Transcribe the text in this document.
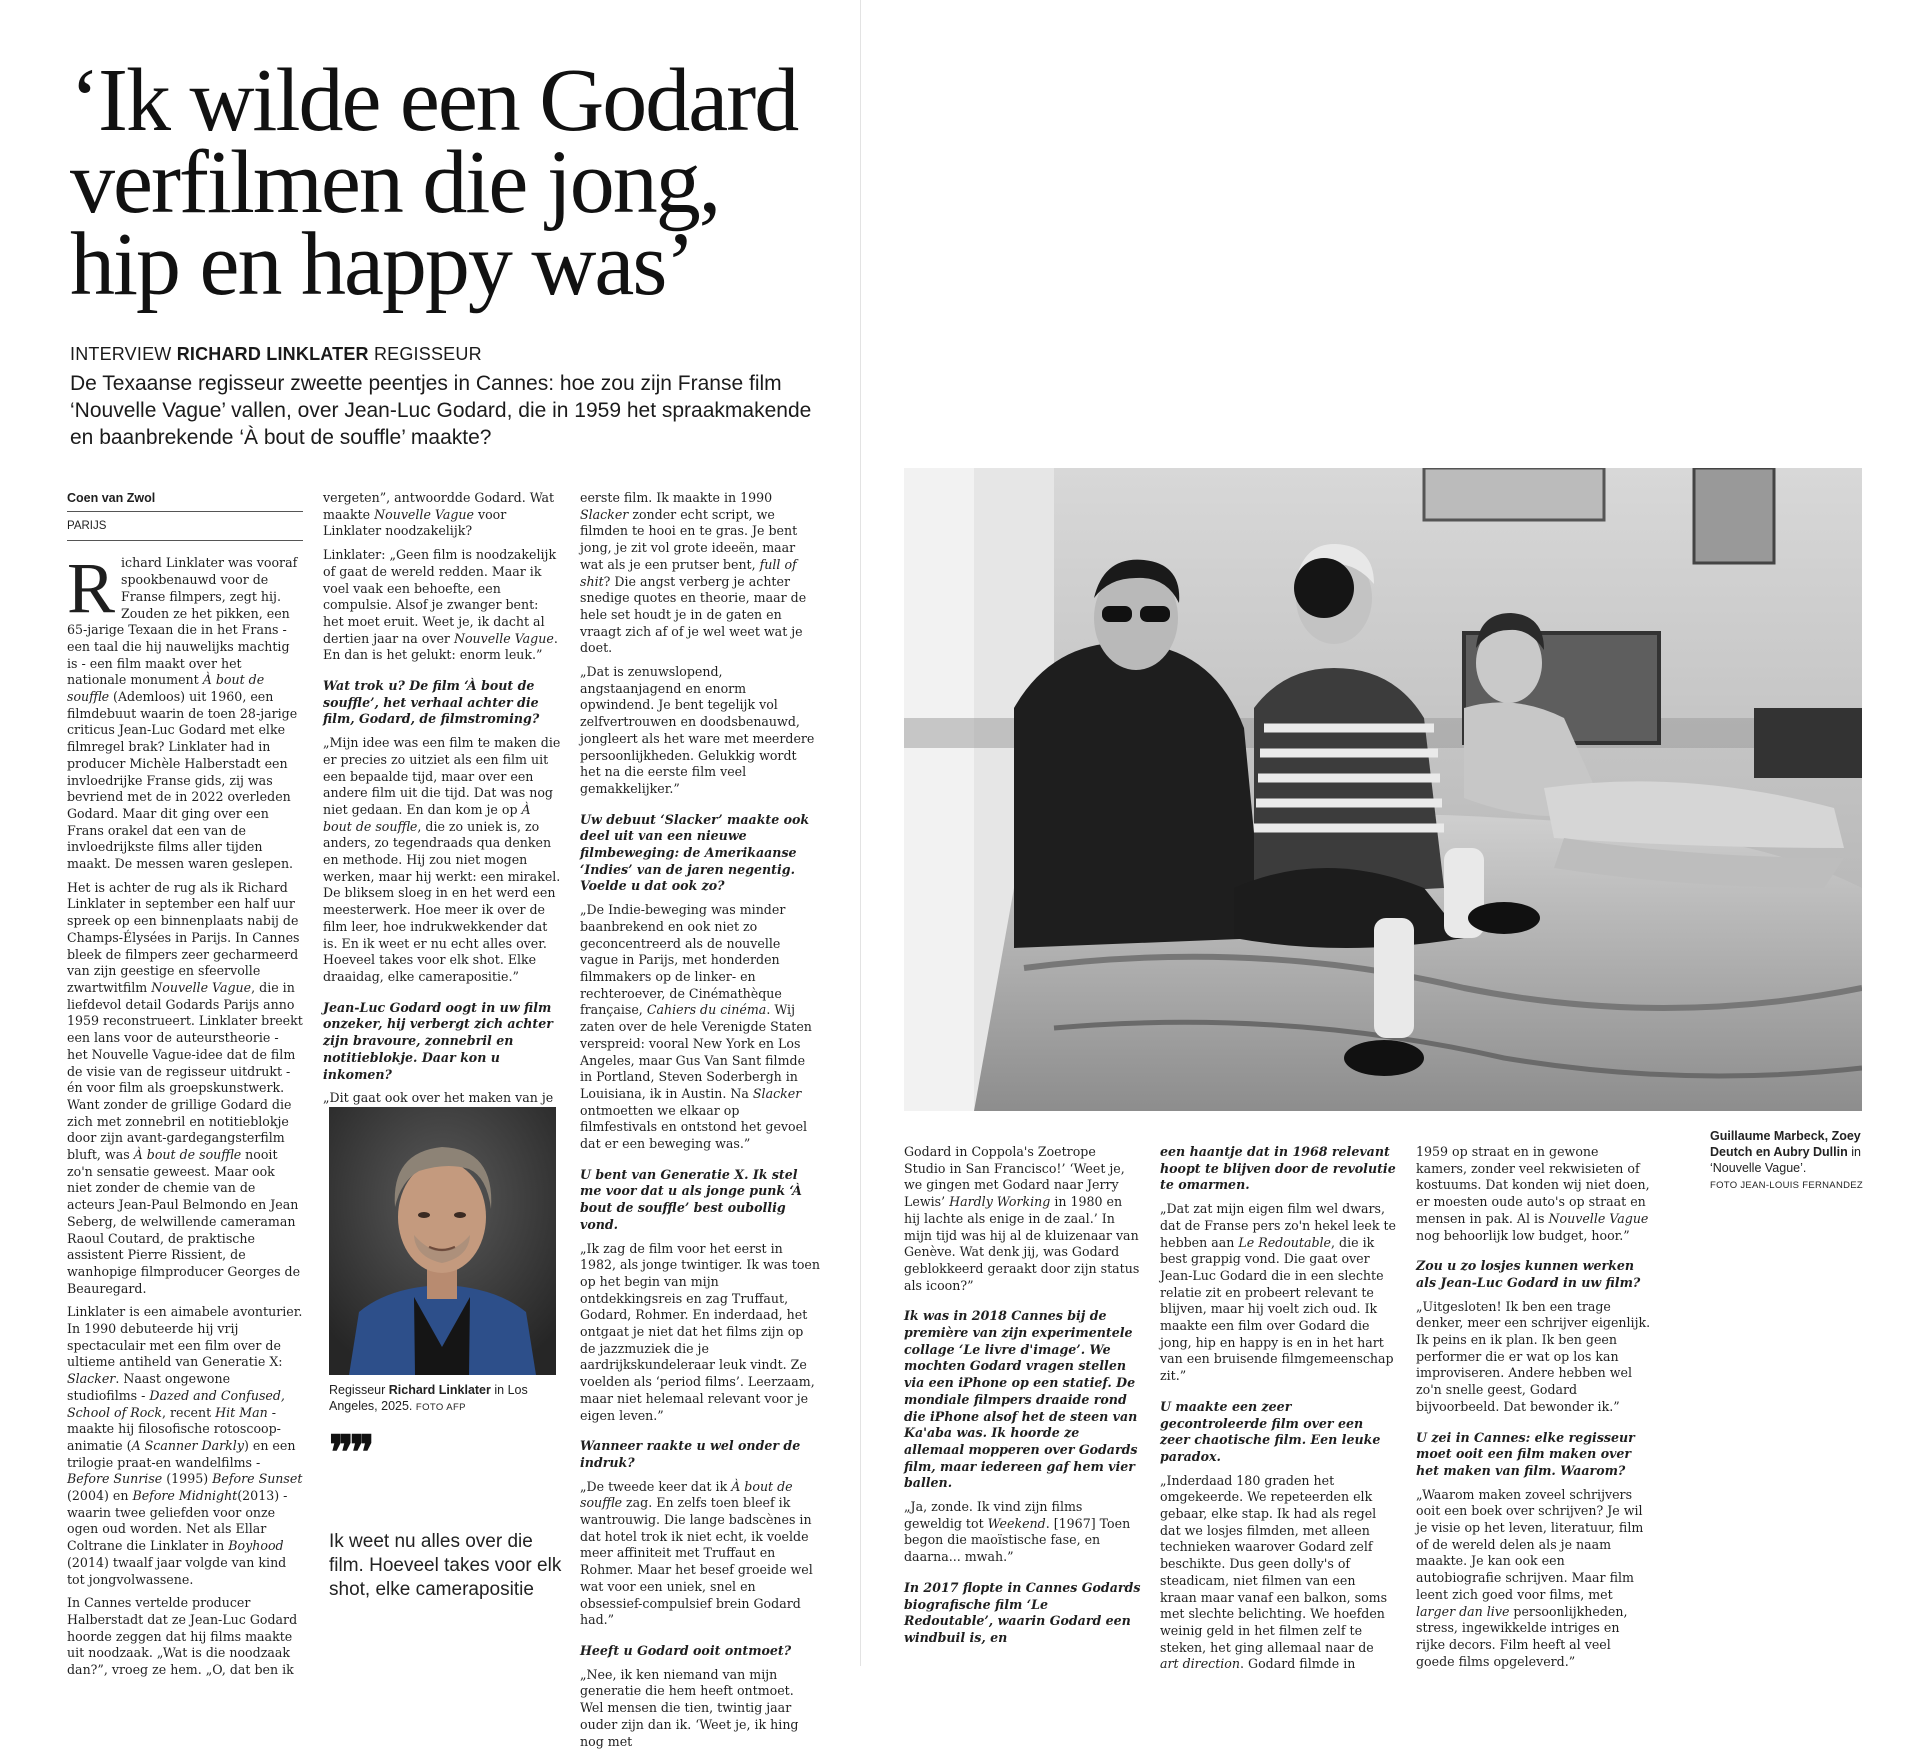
‘Ik wilde een Godard
verfilmen die jong,
hip en happy was’
INTERVIEW RICHARD LINKLATER REGISSEUR
De Texaanse regisseur zweette peentjes in Cannes: hoe zou zijn Franse film ‘Nouvelle Vague’ vallen, over Jean-Luc Godard, die in 1959 het spraakmakende en baanbrekende ‘À bout de souffle’ maakte?
Coen van Zwol
PARIJS

Richard Linklater was vooraf spookbenauwd voor de Franse filmpers, zegt hij. Zouden ze het pikken, een 65-jarige Texaan die in het Frans - een taal die hij nauwelijks machtig is - een film maakt over het nationale monument À bout de souffle (Ademloos) uit 1960, een filmdebuut waarin de toen 28-jarige criticus Jean-Luc Godard met elke filmregel brak? Linklater had in producer Michèle Halberstadt een invloedrijke Franse gids, zij was bevriend met de in 2022 overleden Godard. Maar dit ging over een Frans orakel dat een van de invloedrijkste films aller tijden maakt. De messen waren geslepen.

Het is achter de rug als ik Richard Linklater in september een half uur spreek op een binnenplaats nabij de Champs-Élysées in Parijs. In Cannes bleek de filmpers zeer gecharmeerd van zijn geestige en sfeervolle zwartwitfilm Nouvelle Vague, die in liefdevol detail Godards Parijs anno 1959 reconstrueert. Linklater breekt een lans voor de auteurstheorie - het Nouvelle Vague-idee dat de film de visie van de regisseur uitdrukt - én voor film als groepskunstwerk. Want zonder de grillige Godard die zich met zonnebril en notitieblokje door zijn avant-gardegangsterfilm bluft, was À bout de souffle nooit zo'n sensatie geweest. Maar ook niet zonder de chemie van de acteurs Jean-Paul Belmondo en Jean Seberg, de welwillende cameraman Raoul Coutard, de praktische assistent Pierre Rissient, de wanhopige filmproducer Georges de Beauregard.

Linklater is een aimabele avonturier. In 1990 debuteerde hij vrij spectaculair met een film over de ultieme antiheld van Generatie X: Slacker. Naast ongewone studiofilms - Dazed and Confused, School of Rock, recent Hit Man - maakte hij filosofische rotoscoop-animatie (A Scanner Darkly) en een trilogie praat-en wandelfilms - Before Sunrise (1995) Before Sunset (2004) en Before Midnight(2013) - waarin twee geliefden voor onze ogen oud worden. Net als Ellar Coltrane die Linklater in Boyhood (2014) twaalf jaar volgde van kind tot jongvolwassene.

In Cannes vertelde producer Halberstadt dat ze Jean-Luc Godard hoorde zeggen dat hij films maakte uit noodzaak. „Wat is die noodzaak dan?”, vroeg ze hem. „O, dat ben ik

vergeten”, antwoordde Godard. Wat maakte Nouvelle Vague voor Linklater noodzakelijk?

Linklater: „Geen film is noodzakelijk of gaat de wereld redden. Maar ik voel vaak een behoefte, een compulsie. Alsof je zwanger bent: het moet eruit. Weet je, ik dacht al dertien jaar na over Nouvelle Vague. En dan is het gelukt: enorm leuk.”

Wat trok u? De film ‘À bout de souffle’, het verhaal achter die film, Godard, de filmstroming?

„Mijn idee was een film te maken die er precies zo uitziet als een film uit een bepaalde tijd, maar over een andere film uit die tijd. Dat was nog niet gedaan. En dan kom je op À bout de souffle, die zo uniek is, zo anders, zo tegendraads qua denken en methode. Hij zou niet mogen werken, maar hij werkt: een mirakel. De bliksem sloeg in en het werd een meesterwerk. Hoe meer ik over de film leer, hoe indrukwekkender dat is. En ik weet er nu echt alles over. Hoeveel takes voor elk shot. Elke draaidag, elke camerapositie.”

Jean-Luc Godard oogt in uw film onzeker, hij verbergt zich achter zijn bravoure, zonnebril en notitieblokje. Daar kon u inkomen?

„Dit gaat ook over het maken van je

Regisseur Richard Linklater in Los Angeles, 2025. FOTO AFP
❞❞
Ik weet nu alles over die film. Hoeveel takes voor elk shot, elke camerapositie

eerste film. Ik maakte in 1990 Slacker zonder echt script, we filmden te hooi en te gras. Je bent jong, je zit vol grote ideeën, maar wat als je een prutser bent, full of shit? Die angst verberg je achter snedige quotes en theorie, maar de hele set houdt je in de gaten en vraagt zich af of je wel weet wat je doet.

„Dat is zenuwslopend, angstaanjagend en enorm opwindend. Je bent tegelijk vol zelfvertrouwen en doodsbenauwd, jongleert als het ware met meerdere persoonlijkheden. Gelukkig wordt het na die eerste film veel gemakkelijker.”

Uw debuut ‘Slacker’ maakte ook deel uit van een nieuwe filmbeweging: de Amerikaanse ‘Indies’ van de jaren negentig. Voelde u dat ook zo?

„De Indie-beweging was minder baanbrekend en ook niet zo geconcentreerd als de nouvelle vague in Parijs, met honderden filmmakers op de linker- en rechteroever, de Cinémathèque française, Cahiers du cinéma. Wij zaten over de hele Verenigde Staten verspreid: vooral New York en Los Angeles, maar Gus Van Sant filmde in Portland, Steven Soderbergh in Louisiana, ik in Austin. Na Slacker ontmoetten we elkaar op filmfestivals en ontstond het gevoel dat er een beweging was.”

U bent van Generatie X. Ik stel me voor dat u als jonge punk ‘À bout de souffle’ best oubollig vond.

„Ik zag de film voor het eerst in 1982, als jonge twintiger. Ik was toen op het begin van mijn ontdekkingsreis en zag Truffaut, Godard, Rohmer. En inderdaad, het ontgaat je niet dat het films zijn op de jazzmuziek die je aardrijkskundeleraar leuk vindt. Ze voelden als ‘period films’. Leerzaam, maar niet helemaal relevant voor je eigen leven.”

Wanneer raakte u wel onder de indruk?

„De tweede keer dat ik À bout de souffle zag. En zelfs toen bleef ik wantrouwig. Die lange badscènes in dat hotel trok ik niet echt, ik voelde meer affiniteit met Truffaut en Rohmer. Maar het besef groeide wel wat voor een uniek, snel en obsessief-compulsief brein Godard had.”

Heeft u Godard ooit ontmoet?

„Nee, ik ken niemand van mijn generatie die hem heeft ontmoet. Wel mensen die tien, twintig jaar ouder zijn dan ik. ‘Weet je, ik hing nog met

Guillaume Marbeck, Zoey Deutch en Aubry Dullin in ‘Nouvelle Vague’.
FOTO JEAN-LOUIS FERNANDEZ

Godard in Coppola's Zoetrope Studio in San Francisco!’ ‘Weet je, we gingen met Godard naar Jerry Lewis’ Hardly Working in 1980 en hij lachte als enige in de zaal.’ In mijn tijd was hij al de kluizenaar van Genève. Wat denk jij, was Godard geblokkeerd geraakt door zijn status als icoon?”

Ik was in 2018 Cannes bij de première van zijn experimentele collage ‘Le livre d'image’. We mochten Godard vragen stellen via een iPhone op een statief. De mondiale filmpers draaide rond die iPhone alsof het de steen van Ka'aba was. Ik hoorde ze allemaal mopperen over Godards film, maar iedereen gaf hem vier ballen.

„Ja, zonde. Ik vind zijn films geweldig tot Weekend. [1967] Toen begon die maoïstische fase, en daarna... mwah.”

In 2017 flopte in Cannes Godards biografische film ‘Le Redoutable’, waarin Godard een windbuil is, en

een haantje dat in 1968 relevant hoopt te blijven door de revolutie te omarmen.

„Dat zat mijn eigen film wel dwars, dat de Franse pers zo'n hekel leek te hebben aan Le Redoutable, die ik best grappig vond. Die gaat over Jean-Luc Godard die in een slechte relatie zit en probeert relevant te blijven, maar hij voelt zich oud. Ik maakte een film over Godard die jong, hip en happy is en in het hart van een bruisende filmgemeenschap zit.”

U maakte een zeer gecontroleerde film over een zeer chaotische film. Een leuke paradox.

„Inderdaad 180 graden het omgekeerde. We repeteerden elk gebaar, elke stap. Ik had als regel dat we losjes filmden, met alleen technieken waarover Godard zelf beschikte. Dus geen dolly's of steadicam, niet filmen van een kraan maar vanaf een balkon, soms met slechte belichting. We hoefden weinig geld in het filmen zelf te steken, het ging allemaal naar de art direction. Godard filmde in

1959 op straat en in gewone kamers, zonder veel rekwisieten of kostuums. Dat konden wij niet doen, er moesten oude auto's op straat en mensen in pak. Al is Nouvelle Vague nog behoorlijk low budget, hoor.”

Zou u zo losjes kunnen werken als Jean-Luc Godard in uw film?

„Uitgesloten! Ik ben een trage denker, meer een schrijver eigenlijk. Ik peins en ik plan. Ik ben geen performer die er wat op los kan improviseren. Andere hebben wel zo'n snelle geest, Godard bijvoorbeeld. Dat bewonder ik.”

U zei in Cannes: elke regisseur moet ooit een film maken over het maken van film. Waarom?

„Waarom maken zoveel schrijvers ooit een boek over schrijven? Je wil je visie op het leven, literatuur, film of de wereld delen als je naam maakte. Je kan ook een autobiografie schrijven. Maar film leent zich goed voor films, met larger dan live persoonlijkheden, stress, ingewikkelde intriges en rijke decors. Film heeft al veel goede films opgeleverd.”
